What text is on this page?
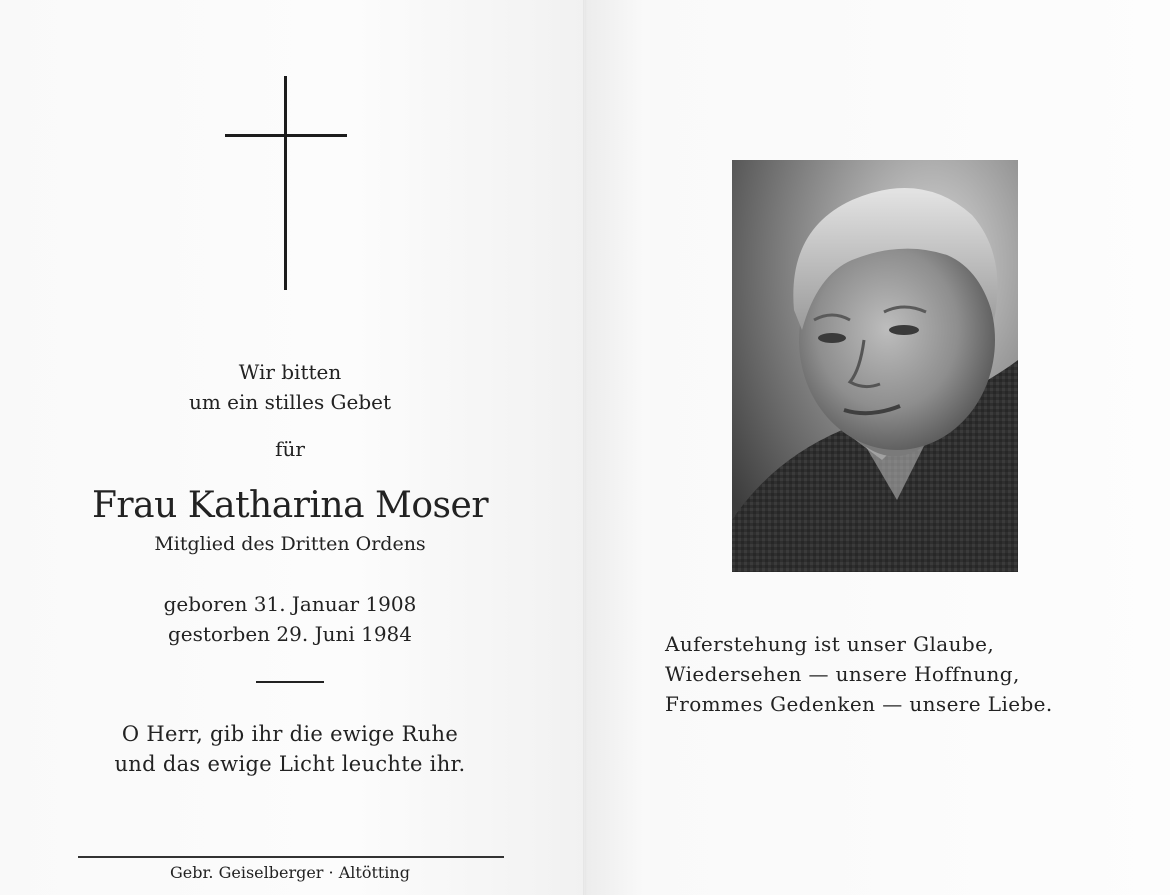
Wir bitten
um ein stilles Gebet
für
Frau Katharina Moser
Mitglied des Dritten Ordens
geboren 31. Januar 1908
gestorben 29. Juni 1984
O Herr, gib ihr die ewige Ruhe
und das ewige Licht leuchte ihr.
Gebr. Geiselberger · Altötting
Auferstehung ist unser Glaube,
Wiedersehen — unsere Hoffnung,
Frommes Gedenken — unsere Liebe.
